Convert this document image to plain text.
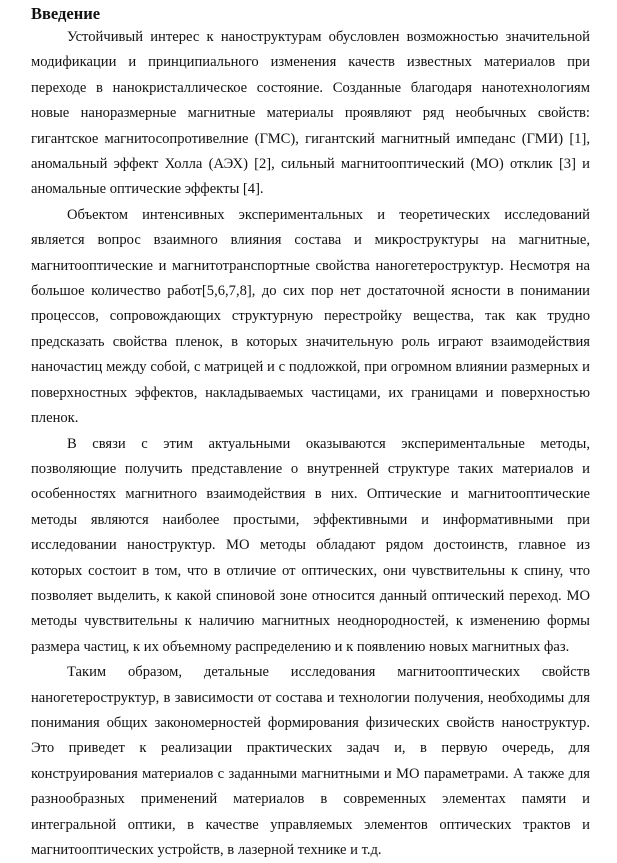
Введение

Устойчивый интерес к наноструктурам обусловлен возможностью значительной модификации и принципиального изменения качеств известных материалов при переходе в нанокристаллическое состояние. Созданные благодаря нанотехнологиям новые наноразмерные магнитные материалы проявляют ряд необычных свойств: гигантское магнитосопротивелние (ГМС), гигантский магнитный импеданс (ГМИ) [1], аномальный эффект Холла (АЭХ) [2], сильный магнитооптический (МО) отклик [3] и аномальные оптические эффекты [4].

Объектом интенсивных экспериментальных и теоретических исследований является вопрос взаимного влияния состава и микроструктуры на магнитные, магнитооптические и магнитотранспортные свойства наногетероструктур. Несмотря на большое количество работ[5,6,7,8], до сих пор нет достаточной ясности в понимании процессов, сопровождающих структурную перестройку вещества, так как трудно предсказать свойства пленок, в которых значительную роль играют взаимодействия наночастиц между собой, с матрицей и с подложкой, при огромном влиянии размерных и поверхностных эффектов, накладываемых частицами, их границами и поверхностью пленок.

В связи с этим актуальными оказываются экспериментальные методы, позволяющие получить представление о внутренней структуре таких материалов и особенностях магнитного взаимодействия в них. Оптические и магнитооптические методы являются наиболее простыми, эффективными и информативными при исследовании наноструктур. МО методы обладают рядом достоинств, главное из которых состоит в том, что в отличие от оптических, они чувствительны к спину, что позволяет выделить, к какой спиновой зоне относится данный оптический переход. МО методы чувствительны к наличию магнитных неоднородностей, к изменению формы размера частиц, к их объемному распределению и к появлению новых магнитных фаз.

Таким образом, детальные исследования магнитооптических свойств наногетероструктур, в зависимости от состава и технологии получения, необходимы для понимания общих закономерностей формирования физических свойств наноструктур. Это приведет к реализации практических задач и, в первую очередь, для конструирования материалов с заданными магнитными и МО параметрами. А также для разнообразных применений материалов в современных элементах памяти и интегральной оптики, в качестве управляемых элементов оптических трактов и магнитооптических устройств, в лазерной технике и т.д.
